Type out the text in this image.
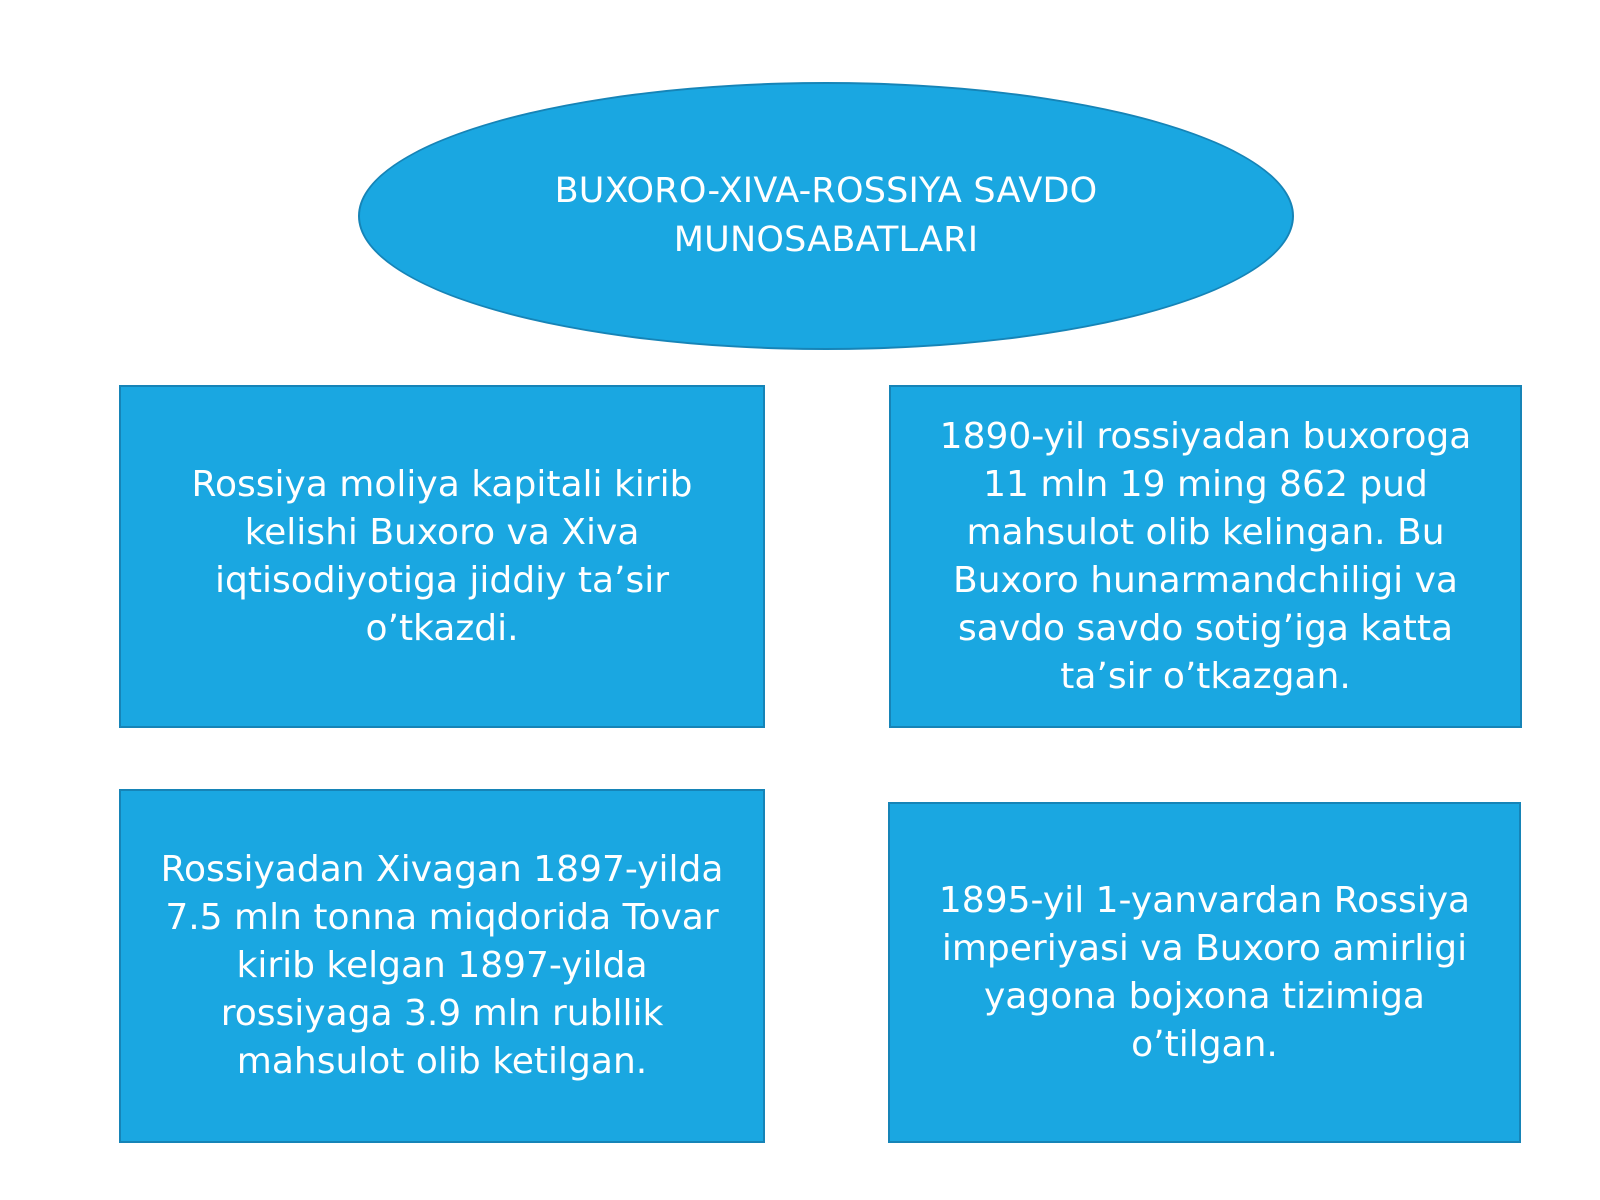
BUXORO-XIVA-ROSSIYA SAVDO MUNOSABATLARI
Rossiya moliya kapitali kirib kelishi Buxoro va Xiva iqtisodiyotiga jiddiy ta’sir o’tkazdi.
1890-yil rossiyadan buxoroga 11 mln 19 ming 862 pud mahsulot olib kelingan. Bu Buxoro hunarmandchiligi va savdo savdo sotig’iga katta ta’sir o’tkazgan.
Rossiyadan Xivagan 1897-yilda 7.5 mln tonna miqdorida Tovar kirib kelgan 1897-yilda rossiyaga 3.9 mln rubllik mahsulot olib ketilgan.
1895-yil 1-yanvardan Rossiya imperiyasi va Buxoro amirligi yagona bojxona tizimiga o’tilgan.
